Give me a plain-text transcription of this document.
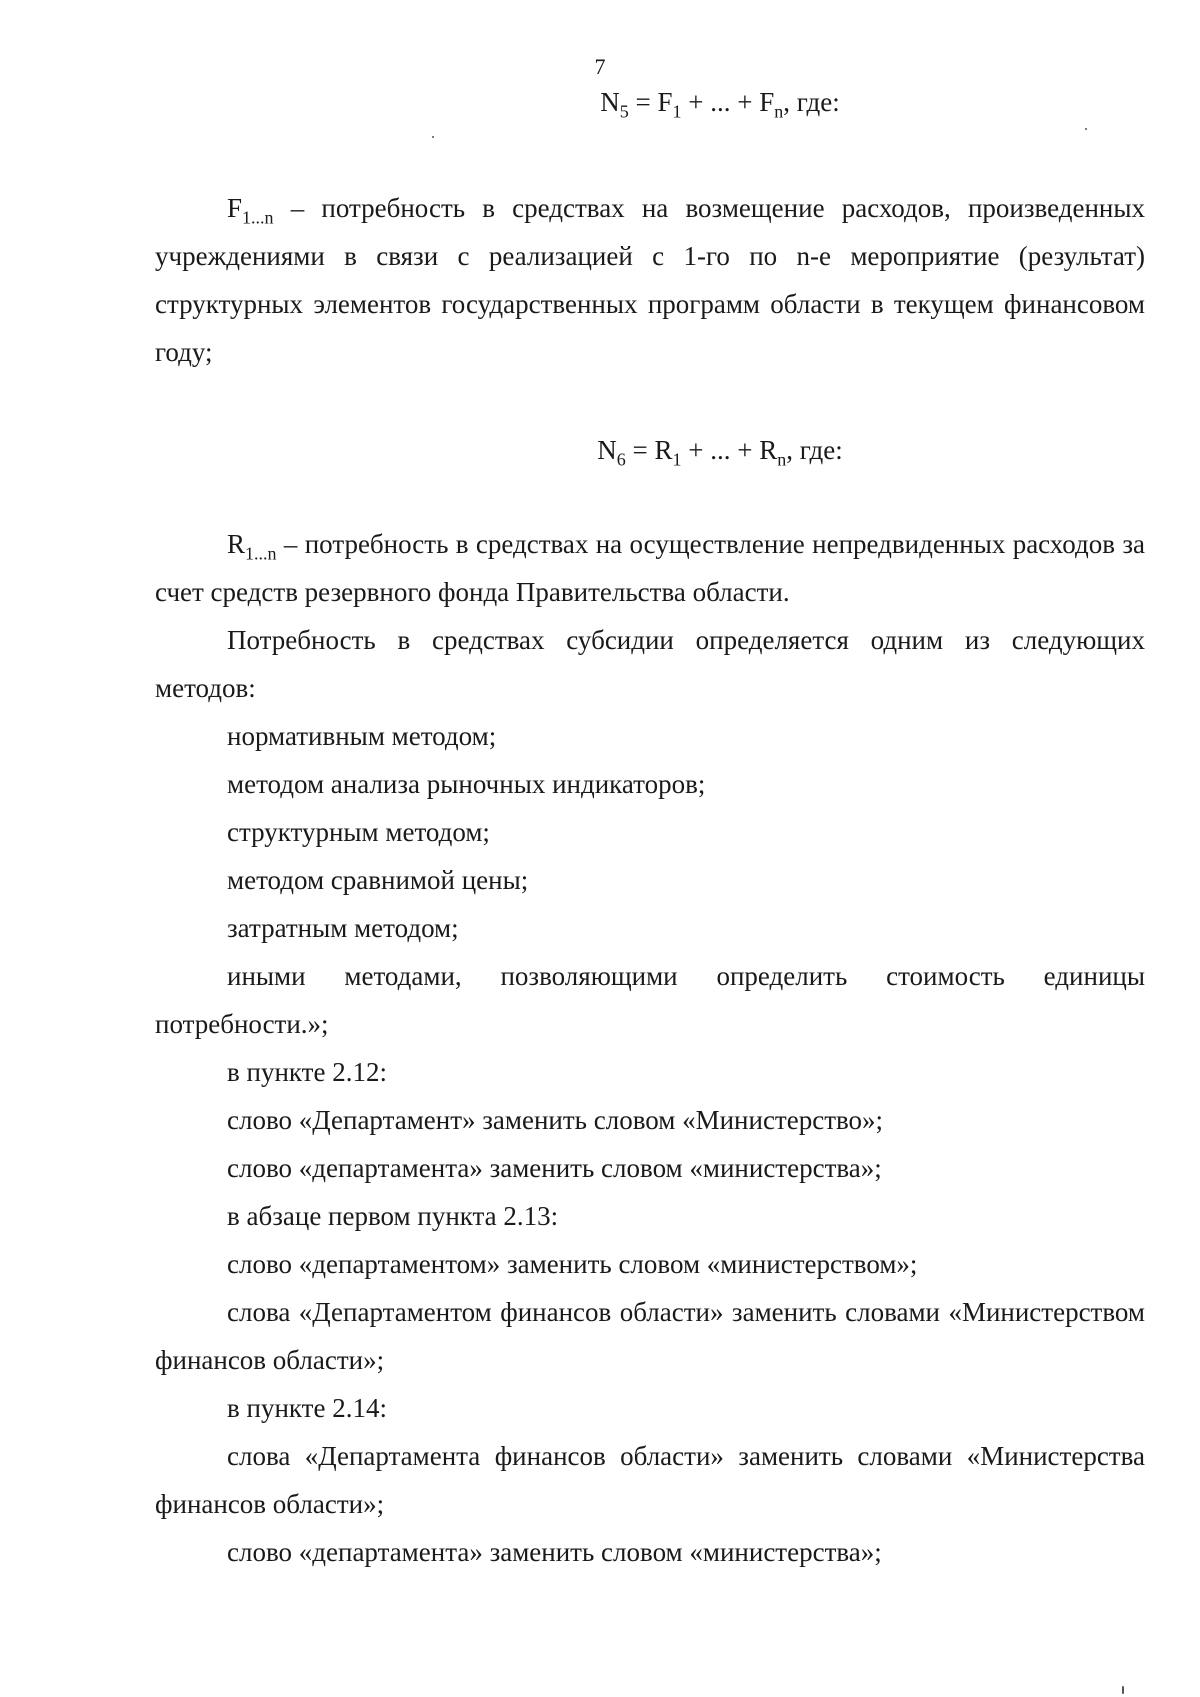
7

$N_5 = F_1$ + ... + $F_n$, где:

$F_{1...n}$ – потребность в средствах на возмещение расходов, произведенных учреждениями в связи с реализацией с 1-го по n-е мероприятие (результат) структурных элементов государственных программ области в текущем финансовом году;

$N_6 = R_1$ + ... + $R_n$, где:

$R_{1...n}$ – потребность в средствах на осуществление непредвиденных расходов за счет средств резервного фонда Правительства области.

Потребность в средствах субсидии определяется одним из следующих методов:

нормативным методом;

методом анализа рыночных индикаторов;

структурным методом;

методом сравнимой цены;

затратным методом;

иными методами, позволяющими определить стоимость единицы потребности.»;

в пункте 2.12:

слово «Департамент» заменить словом «Министерство»;

слово «департамента» заменить словом «министерства»;

в абзаце первом пункта 2.13:

слово «департаментом» заменить словом «министерством»;

слова «Департаментом финансов области» заменить словами «Министерством финансов области»;

в пункте 2.14:

слова «Департамента финансов области» заменить словами «Министерства финансов области»;

слово «департамента» заменить словом «министерства»;
